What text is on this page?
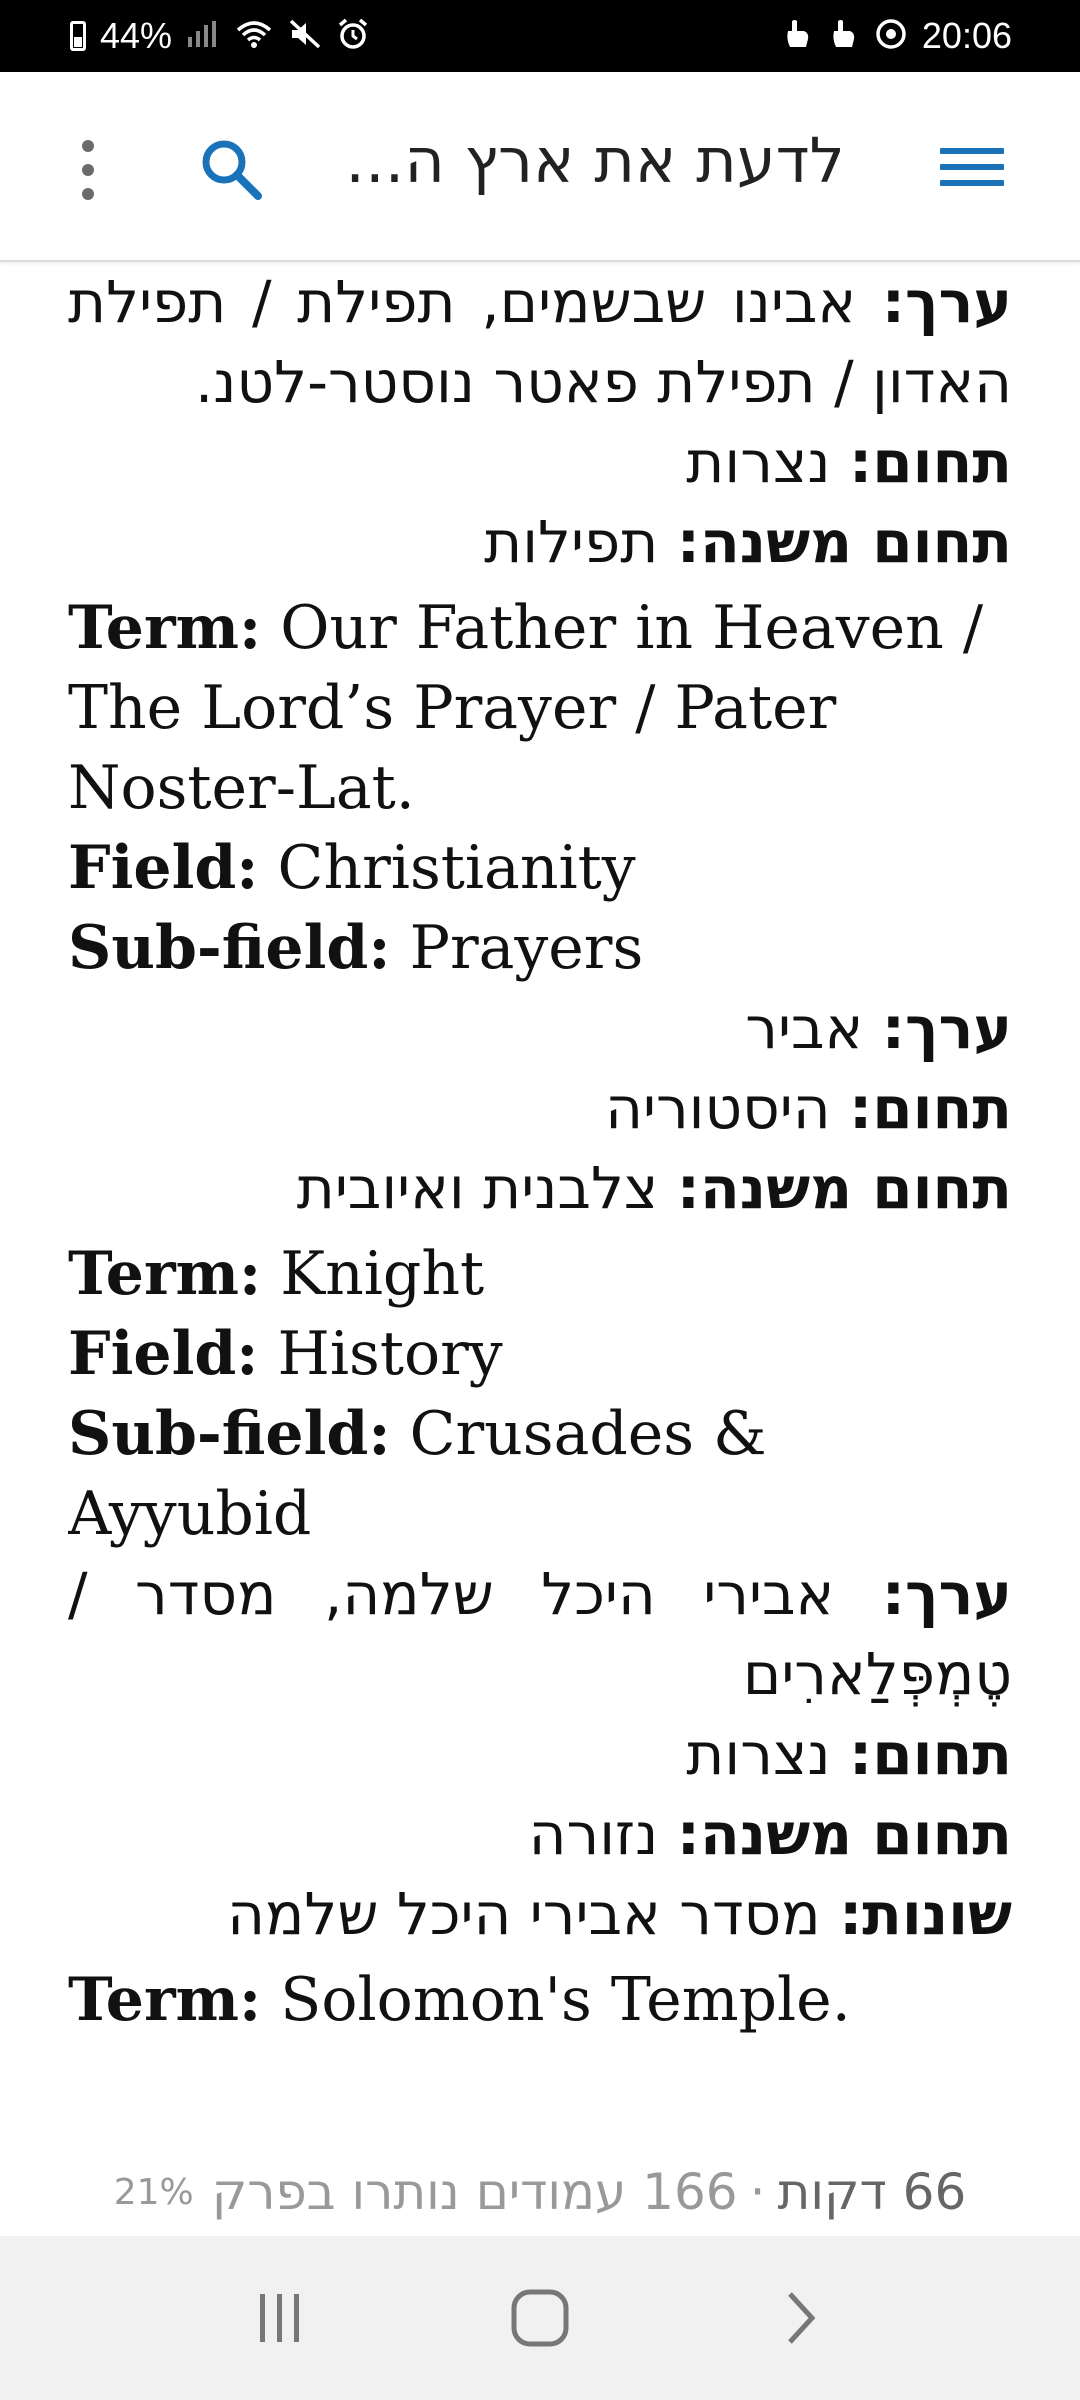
44%	20:06
לדעת את ארץ ה...

ערך: אבינו שבשמים, תפילת / תפילת האדון / תפילת פאטר נוסטר-לטנ.

תחום: נצרות

תחום משנה: תפילות

Term: Our Father in Heaven / The Lord’s Prayer / Pater Noster-Lat.

Field: Christianity

Sub-field: Prayers

ערך: אביר

תחום: היסטוריה

תחום משנה: צלבנית ואיובית

Term: Knight

Field: History

Sub-field: Crusades & Ayyubid

ערך: אבירי היכל שלמה, מסדר / טֶמְפְּלַארִים

תחום: נצרות

תחום משנה: נזורה

שונות: מסדר אבירי היכל שלמה

Term: Solomon's Temple.

66 דקות
·
166 עמודים נותרו בפרק
21%
